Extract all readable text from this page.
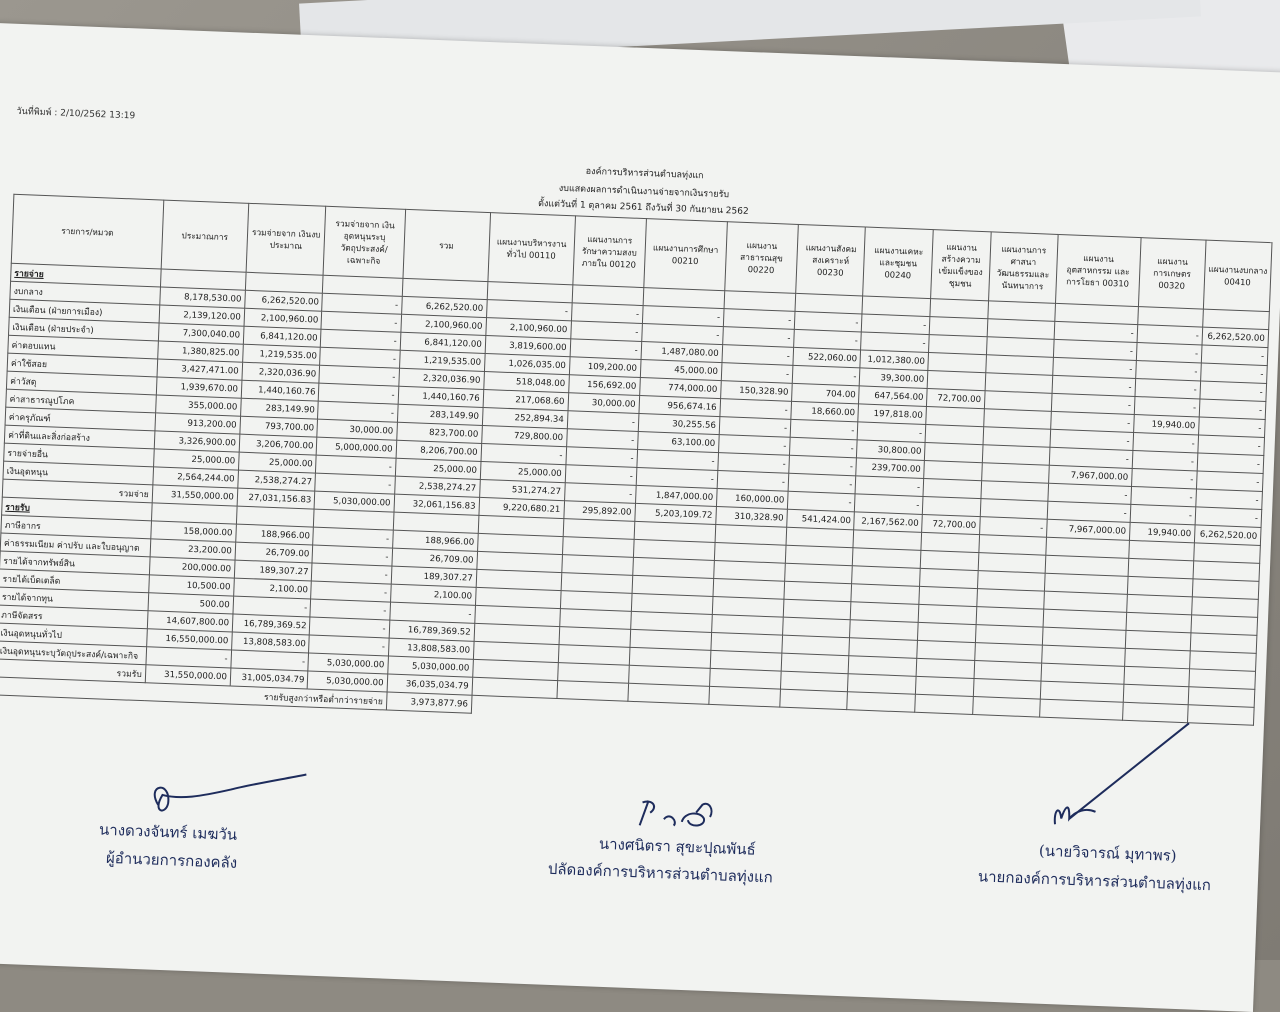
วันที่พิมพ์ : 2/10/2562 13:19
องค์การบริหารส่วนตำบลทุ่งแก
งบแสดงผลการดำเนินงานจ่ายจากเงินรายรับ
ตั้งแต่วันที่ 1 ตุลาคม 2561 ถึงวันที่ 30 กันยายน 2562
รายการ/หมวด	ประมาณการ	รวมจ่ายจาก เงินงบประมาณ	รวมจ่ายจาก เงินอุดหนุนระบุ วัตถุประสงค์/ เฉพาะกิจ	รวม	แผนงานบริหารงาน ทั่วไป 00110	แผนงานการ รักษาความสงบ ภายใน 00120	แผนงานการศึกษา 00210	แผนงาน สาธารณสุข 00220	แผนงานสังคม สงเคราะห์ 00230	แผนงานเคหะ และชุมชน 00240	แผนงาน สร้างความ เข้มแข็งของ ชุมชน	แผนงานการ ศาสนา วัฒนธรรมและ นันทนาการ	แผนงาน อุตสาหกรรม และการโยธา 00310	แผนงาน การเกษตร 00320	แผนงานงบกลาง 00410
รายจ่าย															
งบกลาง	8,178,530.00	6,262,520.00	-	6,262,520.00	-	-	-	-	-	-			-	-	6,262,520.00
เงินเดือน (ฝ่ายการเมือง)	2,139,120.00	2,100,960.00	-	2,100,960.00	2,100,960.00	-	-	-	-	-			-	-	-
เงินเดือน (ฝ่ายประจำ)	7,300,040.00	6,841,120.00	-	6,841,120.00	3,819,600.00	-	1,487,080.00	-	522,060.00	1,012,380.00			-	-	-
ค่าตอบแทน	1,380,825.00	1,219,535.00	-	1,219,535.00	1,026,035.00	109,200.00	45,000.00	-	-	39,300.00			-	-	-
ค่าใช้สอย	3,427,471.00	2,320,036.90	-	2,320,036.90	518,048.00	156,692.00	774,000.00	150,328.90	704.00	647,564.00	72,700.00		-	-	-
ค่าวัสดุ	1,939,670.00	1,440,160.76	-	1,440,160.76	217,068.60	30,000.00	956,674.16	-	18,660.00	197,818.00			-	19,940.00	-
ค่าสาธารณูปโภค	355,000.00	283,149.90	-	283,149.90	252,894.34	-	30,255.56	-	-	-			-	-	-
ค่าครุภัณฑ์	913,200.00	793,700.00	30,000.00	823,700.00	729,800.00	-	63,100.00	-	-	30,800.00			-	-	-
ค่าที่ดินและสิ่งก่อสร้าง	3,326,900.00	3,206,700.00	5,000,000.00	8,206,700.00	-	-	-	-	-	239,700.00			7,967,000.00	-	-
รายจ่ายอื่น	25,000.00	25,000.00	-	25,000.00	25,000.00	-	-	-	-	-			-	-	-
เงินอุดหนุน	2,564,244.00	2,538,274.27	-	2,538,274.27	531,274.27	-	1,847,000.00	160,000.00	-	-			-	-	-
รวมจ่าย	31,550,000.00	27,031,156.83	5,030,000.00	32,061,156.83	9,220,680.21	295,892.00	5,203,109.72	310,328.90	541,424.00	2,167,562.00	72,700.00	-	7,967,000.00	19,940.00	6,262,520.00
รายรับ															
ภาษีอากร	158,000.00	188,966.00	-	188,966.00											
ค่าธรรมเนียม ค่าปรับ และใบอนุญาต	23,200.00	26,709.00	-	26,709.00											
รายได้จากทรัพย์สิน	200,000.00	189,307.27	-	189,307.27											
รายได้เบ็ดเตล็ด	10,500.00	2,100.00	-	2,100.00											
รายได้จากทุน	500.00	-	-	-											
ภาษีจัดสรร	14,607,800.00	16,789,369.52	-	16,789,369.52											
เงินอุดหนุนทั่วไป	16,550,000.00	13,808,583.00	-	13,808,583.00											
เงินอุดหนุนระบุวัตถุประสงค์/เฉพาะกิจ	-	-	5,030,000.00	5,030,000.00											
รวมรับ	31,550,000.00	31,005,034.79	5,030,000.00	36,035,034.79											
รายรับสูงกว่าหรือต่ำกว่ารายจ่าย				3,973,877.96											
นางดวงจันทร์ เมฆวัน
ผู้อำนวยการกองคลัง
นางศนิตรา สุขะปุณพันธ์
ปลัดองค์การบริหารส่วนตำบลทุ่งแก
(นายวิจารณ์ มุทาพร)
นายกองค์การบริหารส่วนตำบลทุ่งแก
